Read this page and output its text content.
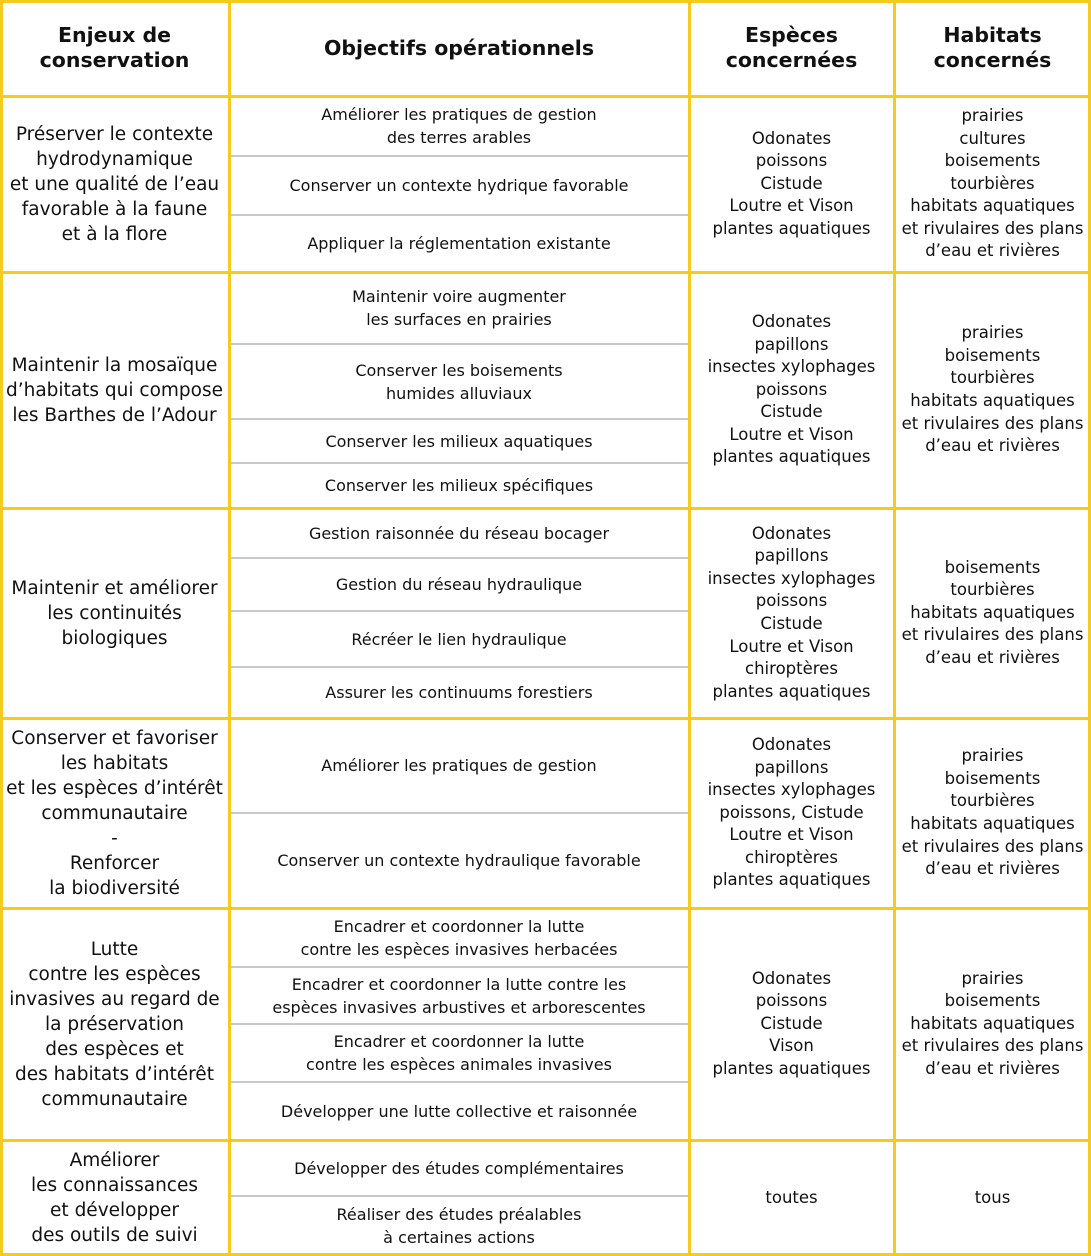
Enjeux de
conservation
Objectifs opérationnels
Espèces
concernées
Habitats
concernés
Préserver le contexte
hydrodynamique
et une qualité de l’eau
favorable à la faune
et à la flore
Améliorer les pratiques de gestion
des terres arables
Conserver un contexte hydrique favorable
Appliquer la réglementation existante
Odonates
poissons
Cistude
Loutre et Vison
plantes aquatiques
prairies
cultures
boisements
tourbières
habitats aquatiques
et rivulaires des plans
d’eau et rivières
Maintenir la mosaïque
d’habitats qui compose
les Barthes de l’Adour
Maintenir voire augmenter
les surfaces en prairies
Conserver les boisements
humides alluviaux
Conserver les milieux aquatiques
Conserver les milieux spécifiques
Odonates
papillons
insectes xylophages
poissons
Cistude
Loutre et Vison
plantes aquatiques
prairies
boisements
tourbières
habitats aquatiques
et rivulaires des plans
d’eau et rivières
Maintenir et améliorer
les continuités
biologiques
Gestion raisonnée du réseau bocager
Gestion du réseau hydraulique
Récréer le lien hydraulique
Assurer les continuums forestiers
Odonates
papillons
insectes xylophages
poissons
Cistude
Loutre et Vison
chiroptères
plantes aquatiques
boisements
tourbières
habitats aquatiques
et rivulaires des plans
d’eau et rivières
Conserver et favoriser
les habitats
et les espèces d’intérêt
communautaire
-
Renforcer
la biodiversité
Améliorer les pratiques de gestion
Conserver un contexte hydraulique favorable
Odonates
papillons
insectes xylophages
poissons, Cistude
Loutre et Vison
chiroptères
plantes aquatiques
prairies
boisements
tourbières
habitats aquatiques
et rivulaires des plans
d’eau et rivières
Lutte
contre les espèces
invasives au regard de
la préservation
des espèces et
des habitats d’intérêt
communautaire
Encadrer et coordonner la lutte
contre les espèces invasives herbacées
Encadrer et coordonner la lutte contre les
espèces invasives arbustives et arborescentes
Encadrer et coordonner la lutte
contre les espèces animales invasives
Développer une lutte collective et raisonnée
Odonates
poissons
Cistude
Vison
plantes aquatiques
prairies
boisements
habitats aquatiques
et rivulaires des plans
d’eau et rivières
Améliorer
les connaissances
et développer
des outils de suivi
Développer des études complémentaires
Réaliser des études préalables
à certaines actions
toutes	tous
